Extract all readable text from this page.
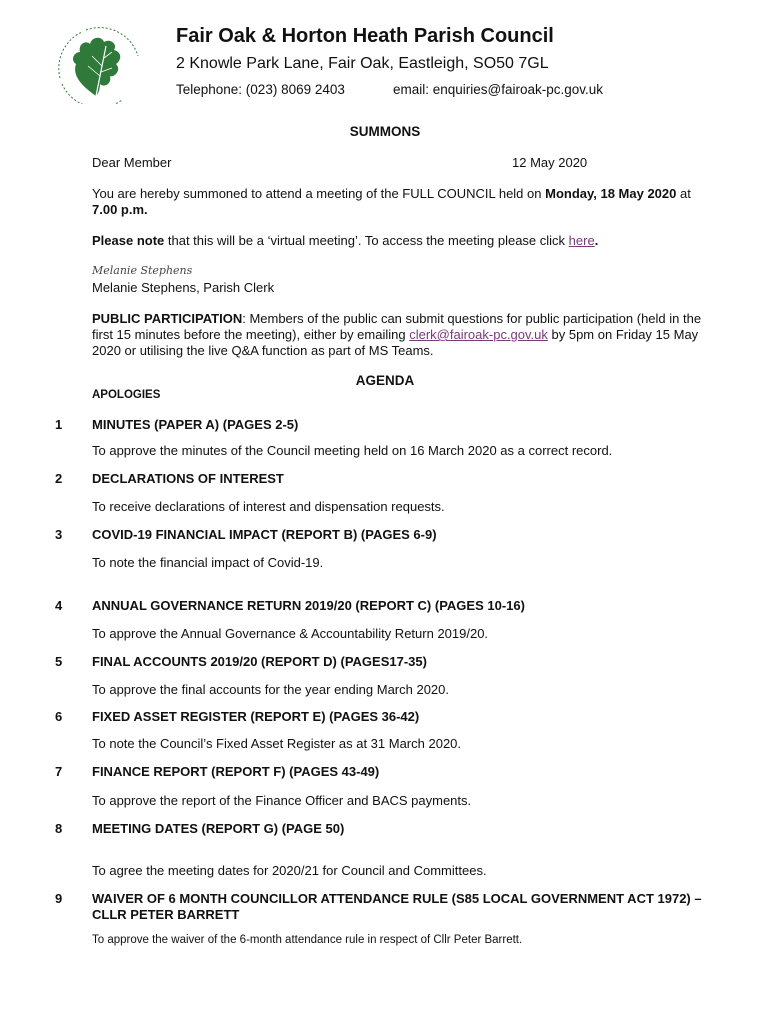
Fair Oak & Horton Heath Parish Council
2 Knowle Park Lane, Fair Oak, Eastleigh, SO50 7GL
Telephone: (023) 8069 2403	email: enquiries@fairoak-pc.gov.uk
SUMMONS
Dear Member	12 May 2020
You are hereby summoned to attend a meeting of the FULL COUNCIL held on Monday, 18 May 2020 at 7.00 p.m.
Please note that this will be a ‘virtual meeting’. To access the meeting please click here.
Melanie Stephens
Melanie Stephens, Parish Clerk
PUBLIC PARTICIPATION: Members of the public can submit questions for public participation (held in the first 15 minutes before the meeting), either by emailing clerk@fairoak-pc.gov.uk by 5pm on Friday 15 May 2020 or utilising the live Q&A function as part of MS Teams.
AGENDA
APOLOGIES
1 MINUTES (PAPER A) (PAGES 2-5)
To approve the minutes of the Council meeting held on 16 March 2020 as a correct record.
2 DECLARATIONS OF INTEREST
To receive declarations of interest and dispensation requests.
3 COVID-19 FINANCIAL IMPACT (REPORT B) (PAGES 6-9)
To note the financial impact of Covid-19.
4 ANNUAL GOVERNANCE RETURN 2019/20 (REPORT C) (PAGES 10-16)
To approve the Annual Governance & Accountability Return 2019/20.
5 FINAL ACCOUNTS 2019/20 (REPORT D) (PAGES17-35)
To approve the final accounts for the year ending March 2020.
6 FIXED ASSET REGISTER (REPORT E) (PAGES 36-42)
To note the Council’s Fixed Asset Register as at 31 March 2020.
7 FINANCE REPORT (REPORT F) (PAGES 43-49)
To approve the report of the Finance Officer and BACS payments.
8 MEETING DATES (REPORT G) (PAGE 50)
To agree the meeting dates for 2020/21 for Council and Committees.
9 WAIVER OF 6 MONTH COUNCILLOR ATTENDANCE RULE (S85 LOCAL GOVERNMENT ACT 1972) – CLLR PETER BARRETT
To approve the waiver of the 6-month attendance rule in respect of Cllr Peter Barrett.
